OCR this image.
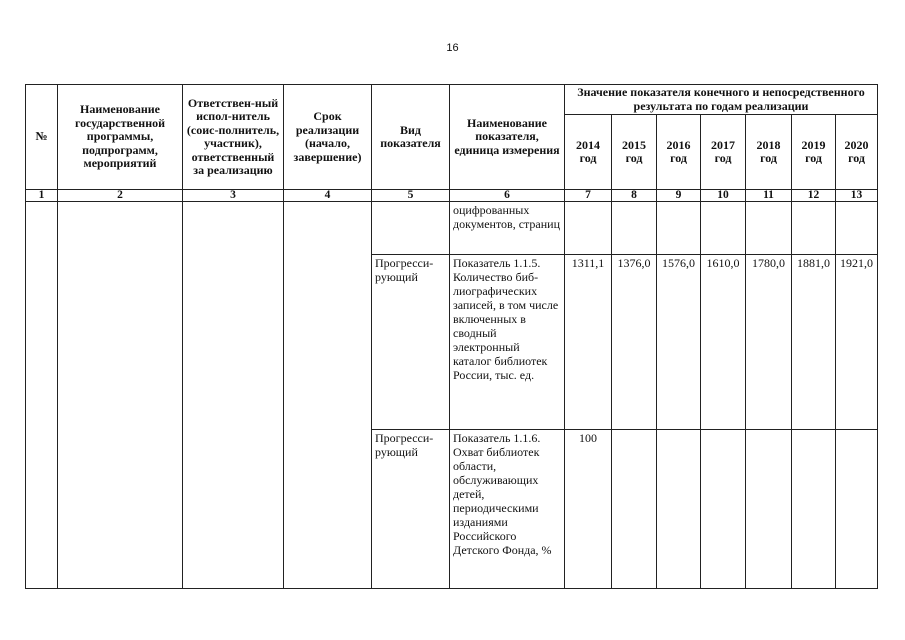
16
№	Наименование государственной программы, подпрограмм, мероприятий	Ответствен-ный испол-нитель (соис-полнитель, участник), ответственный за реализацию	Срок реализации (начало, завершение)	Вид показателя	Наименование показателя, единица измерения	Значение показателя конечного и непосредственного результата по годам реализации						
						2014 год	2015 год	2016 год	2017 год	2018 год	2019 год	2020 год
1	2	3	4	5	6	7	8	9	10	11	12	13
					оцифрованных документов, страниц							
				Прогресси-рующий	Показатель 1.1.5. Количество биб-лиографических записей, в том числе включенных в сводный электронный каталог библиотек России, тыс. ед.	1311,1	1376,0	1576,0	1610,0	1780,0	1881,0	1921,0
				Прогресси-рующий	Показатель 1.1.6. Охват библиотек области, обслуживающих детей, периодическими изданиями Российского Детского Фонда, %	100						
